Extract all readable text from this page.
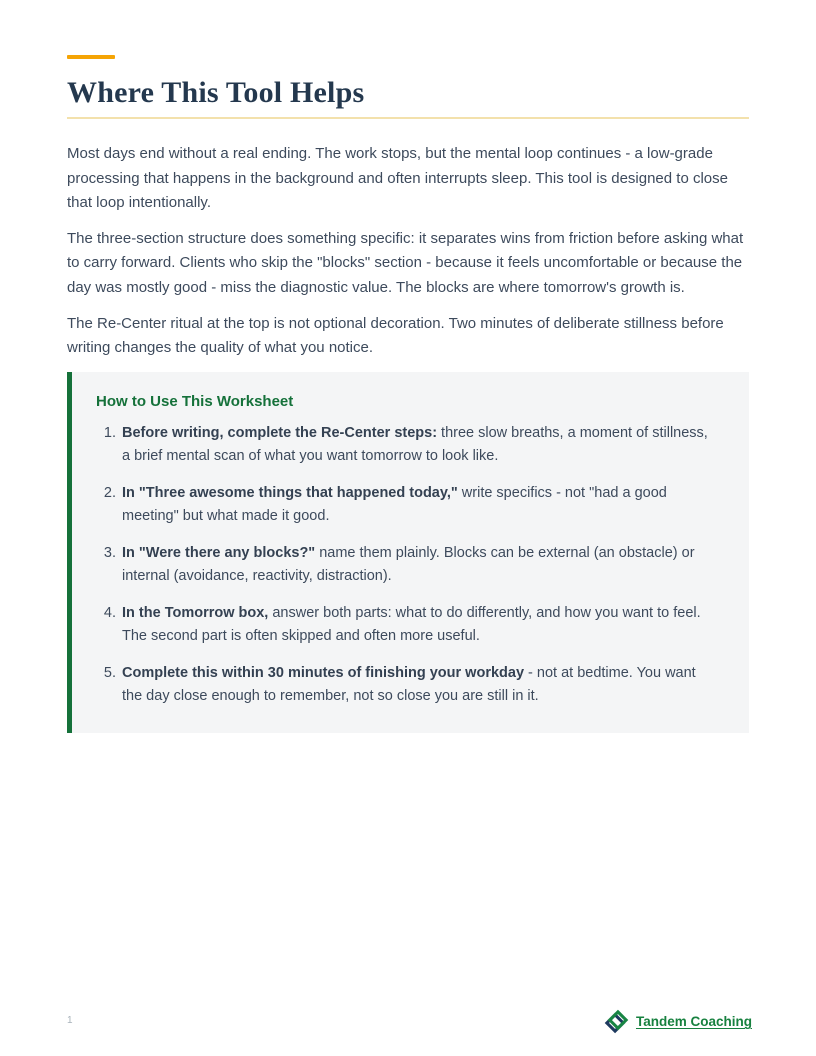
Where This Tool Helps

Most days end without a real ending. The work stops, but the mental loop continues - a low-grade processing that happens in the background and often interrupts sleep. This tool is designed to close that loop intentionally.

The three-section structure does something specific: it separates wins from friction before asking what to carry forward. Clients who skip the "blocks" section - because it feels uncomfortable or because the day was mostly good - miss the diagnostic value. The blocks are where tomorrow's growth is.

The Re-Center ritual at the top is not optional decoration. Two minutes of deliberate stillness before writing changes the quality of what you notice.

How to Use This Worksheet
1. Before writing, complete the Re-Center steps: three slow breaths, a moment of stillness, a brief mental scan of what you want tomorrow to look like.
2. In "Three awesome things that happened today," write specifics - not "had a good meeting" but what made it good.
3. In "Were there any blocks?" name them plainly. Blocks can be external (an obstacle) or internal (avoidance, reactivity, distraction).
4. In the Tomorrow box, answer both parts: what to do differently, and how you want to feel. The second part is often skipped and often more useful.
5. Complete this within 30 minutes of finishing your workday - not at bedtime. You want the day close enough to remember, not so close you are still in it.
1	Tandem Coaching
